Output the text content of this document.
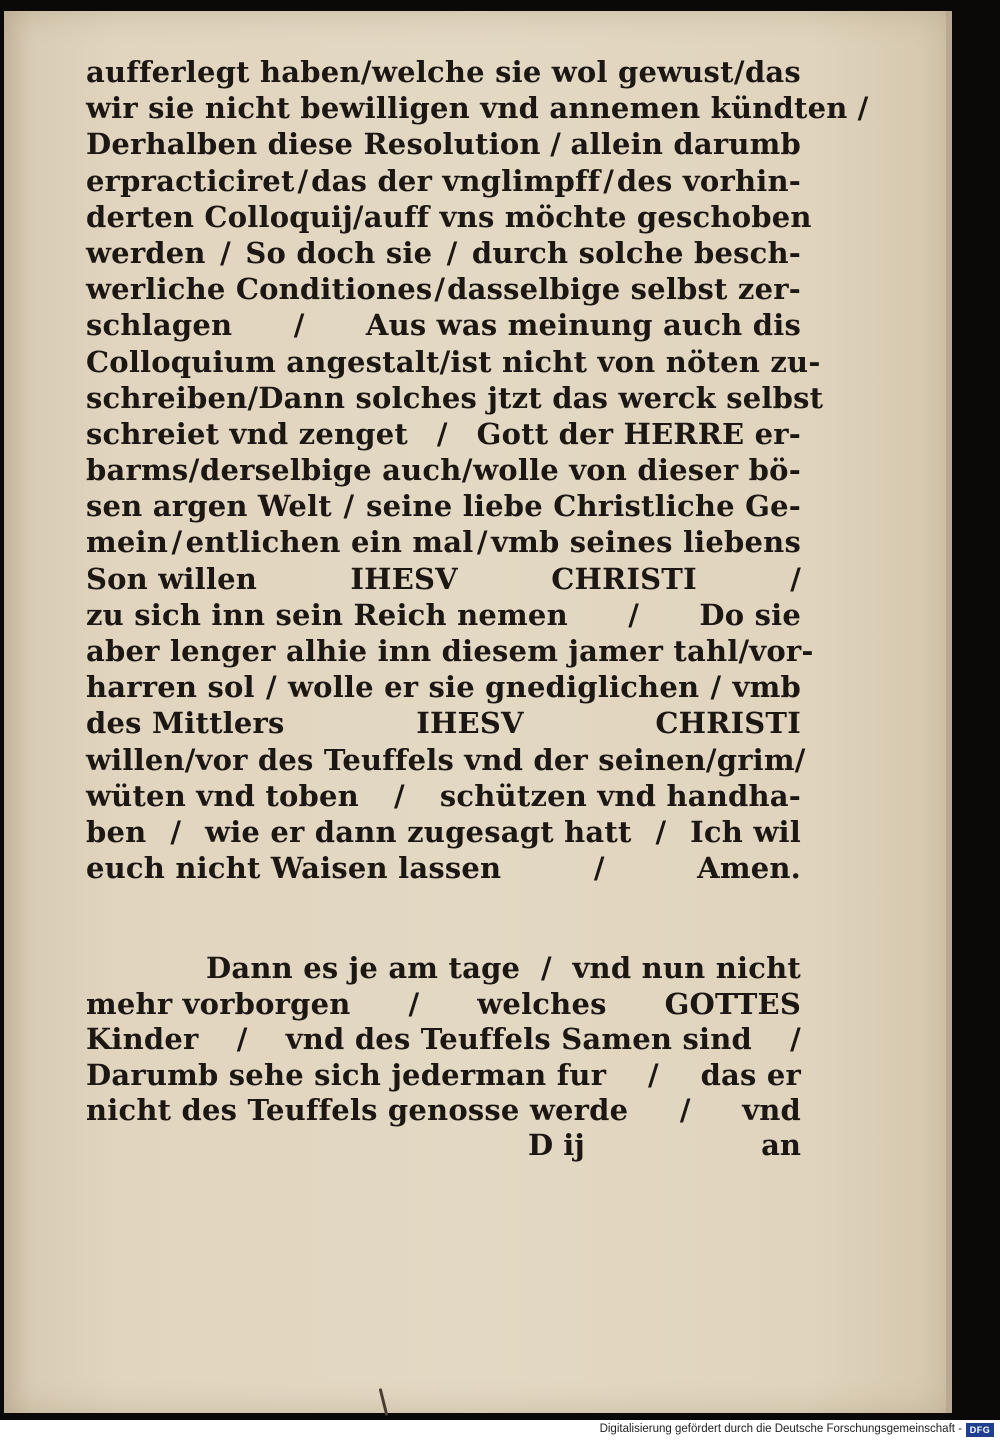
aufferlegt haben / welche sie wol gewust / das
wir sie nicht bewilligen vnd annemen kündten /
Derhalben diese Resolution / allein darumb
erpracticiret / das der vnglimpff / des vorhin-
derten Colloquij / auff vns möchte geschoben
werden / So doch sie / durch solche besch-
werliche Conditiones / dasselbige selbst zer-
schlagen / Aus was meinung auch dis
Colloquium angestalt / ist nicht von nöten zu-
schreiben / Dann solches jtzt das werck selbst
schreiet vnd zenget / Gott der HERRE er-
barms / derselbige auch / wolle von dieser bö-
sen argen Welt / seine liebe Christliche Ge-
mein / entlichen ein mal / vmb seines liebens
Son willen	IHESV	CHRISTI	/
zu sich inn sein Reich nemen / Do sie
aber lenger alhie inn diesem jamer tahl / vor-
harren sol / wolle er sie gnediglichen / vmb
des Mittlers	IHESV	CHRISTI
willen / vor des Teuffels vnd der seinen / grim /
wüten vnd toben / schützen vnd handha-
ben / wie er dann zugesagt hatt / Ich wil
euch nicht Waisen lassen	/	Amen.
Dann es je am tage / vnd nun nicht
mehr vorborgen / welches GOTTES
Kinder / vnd des Teuffels Samen sind /
Darumb sehe sich jederman fur / das er
nicht des Teuffels genosse werde / vnd
D ij	an
Digitalisierung gefördert durch die Deutsche Forschungsgemeinschaft - DFG
